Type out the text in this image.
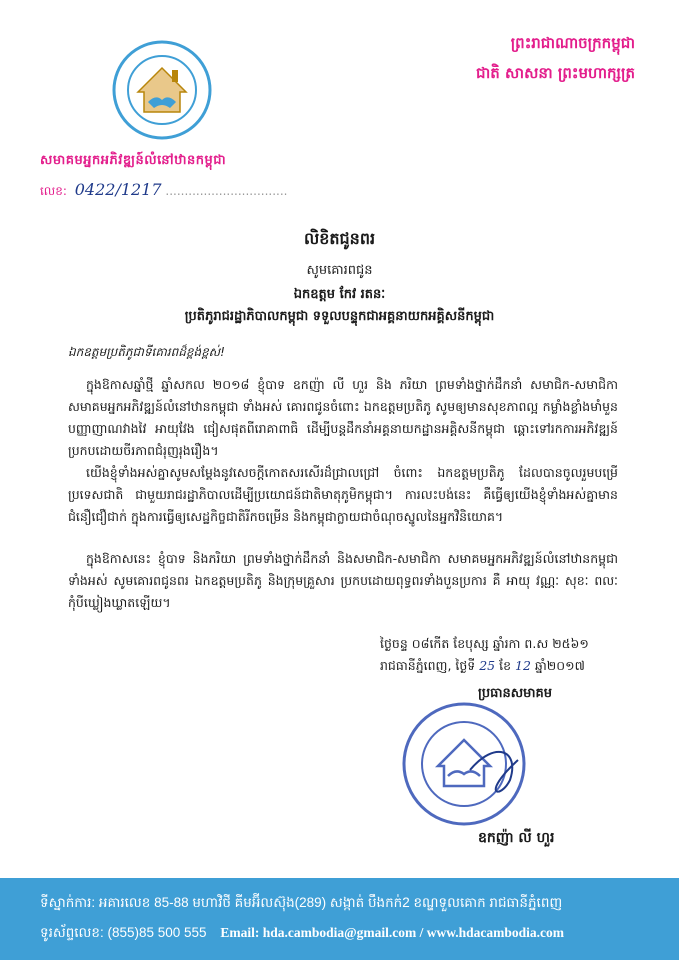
សមាគមអ្នកអភិវឌ្ឍន៍លំនៅឋានកម្ពុជា
លេខ: 0422/1217 ................................
ព្រះរាជាណាចក្រកម្ពុជា
ជាតិ សាសនា ព្រះមហាក្សត្រ
លិខិតជូនពរ
សូមគោរពជូន
ឯកឧត្តម កែវ រតនៈ
ប្រតិភូរាជរដ្ឋាភិបាលកម្ពុជា ទទួលបន្ទុកជាអគ្គនាយកអគ្គិសនីកម្ពុជា
ឯកឧត្តមប្រតិភូជាទីគោរពដ៏ខ្ពង់ខ្ពស់!
ក្នុងឱកាសឆ្នាំថ្មី ឆ្នាំសកល ២០១៨ ខ្ញុំបាទ ឧកញ៉ា លី ហួរ និង ភរិយា ព្រមទាំងថ្នាក់ដឹកនាំ សមាជិក-សមាជិកា សមាគមអ្នកអភិវឌ្ឍន៍លំនៅឋានកម្ពុជា ទាំងអស់ គោរពជូនចំពោះ ឯកឧត្តមប្រតិភូ សូមឲ្យមានសុខភាពល្អ កម្លាំងខ្លាំងមាំមួន បញ្ញាញាណវាងវៃ អាយុវែង ជៀសផុតពីរោគាពាធិ ដើម្បីបន្តដឹកនាំអគ្គនាយកដ្ឋានអគ្គិសនីកម្ពុជា ឆ្ពោះទៅរកការអភិវឌ្ឍន៍ ប្រកបដោយចីរភាពជំរុញរុងរឿង។
យើងខ្ញុំទាំងអស់គ្នាសូមសម្តែងនូវសេចក្តីកោតសរសើរដ៏ជ្រាលជ្រៅ ចំពោះ ឯកឧត្តមប្រតិភូ ដែលបានចូលរួមបម្រើ ប្រទេសជាតិ ជាមួយរាជរដ្ឋាភិបាលដើម្បីប្រយោជន៍ជាតិមាតុភូមិកម្ពុជា។ ការលះបង់នេះ គឺធ្វើឲ្យយើងខ្ញុំទាំងអស់គ្នាមានជំនឿជឿជាក់ ក្នុងការធ្វើឲ្យសេដ្ឋកិច្ចជាតិរីកចម្រើន និងកម្ពុជាក្លាយជាចំណុចស្នូលនៃអ្នកវិនិយោគ។
ក្នុងឱកាសនេះ ខ្ញុំបាទ និងភរិយា ព្រមទាំងថ្នាក់ដឹកនាំ និងសមាជិក-សមាជិកា សមាគមអ្នកអភិវឌ្ឍន៍លំនៅឋានកម្ពុជាទាំងអស់ សូមគោរពជូនពរ ឯកឧត្តមប្រតិភូ និងក្រុមគ្រួសារ ប្រកបដោយពុទ្ធពរទាំងបួនប្រការ គឺ អាយុ វណ្ណៈ សុខៈ ពលៈ កុំបីឃ្លៀងឃ្លាតឡើយ។
ថ្ងៃចន្ទ ០៨កើត ខែបុស្ស ឆ្នាំរកា ព.ស ២៥៦១
រាជធានីភ្នំពេញ, ថ្ងៃទី 25 ខែ 12 ឆ្នាំ២០១៧
ប្រធានសមាគម
ឧកញ៉ា លី ហួរ
ទីស្នាក់ការ: អគារលេខ 85-88 មហាវិថី គីមអ៊ីលស៊ុង(289) សង្កាត់ បឹងកក់2 ខណ្ឌទួលគោក រាជធានីភ្នំពេញ
ទូរស័ព្ទលេខ: (855)85 500 555 Email: hda.cambodia@gmail.com / www.hdacambodia.com
